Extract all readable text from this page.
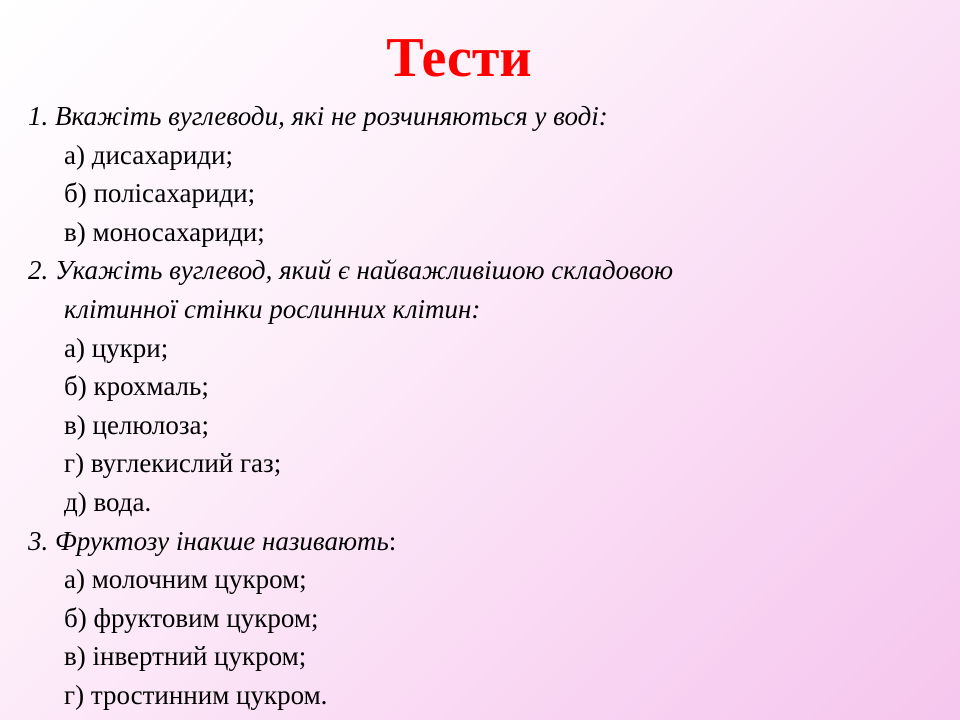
Тести
1. Вкажіть вуглеводи, які не розчиняються у воді:
а) дисахариди;
б) полісахариди;
в) моносахариди;
2. Укажіть вуглевод, який є найважливішою складовою
клітинної стінки рослинних клітин:
а) цукри;
б) крохмаль;
в) целюлоза;
г) вуглекислий газ;
д) вода.
3. Фруктозу інакше називають:
а) молочним цукром;
б) фруктовим цукром;
в) інвертний цукром;
г) тростинним цукром.
